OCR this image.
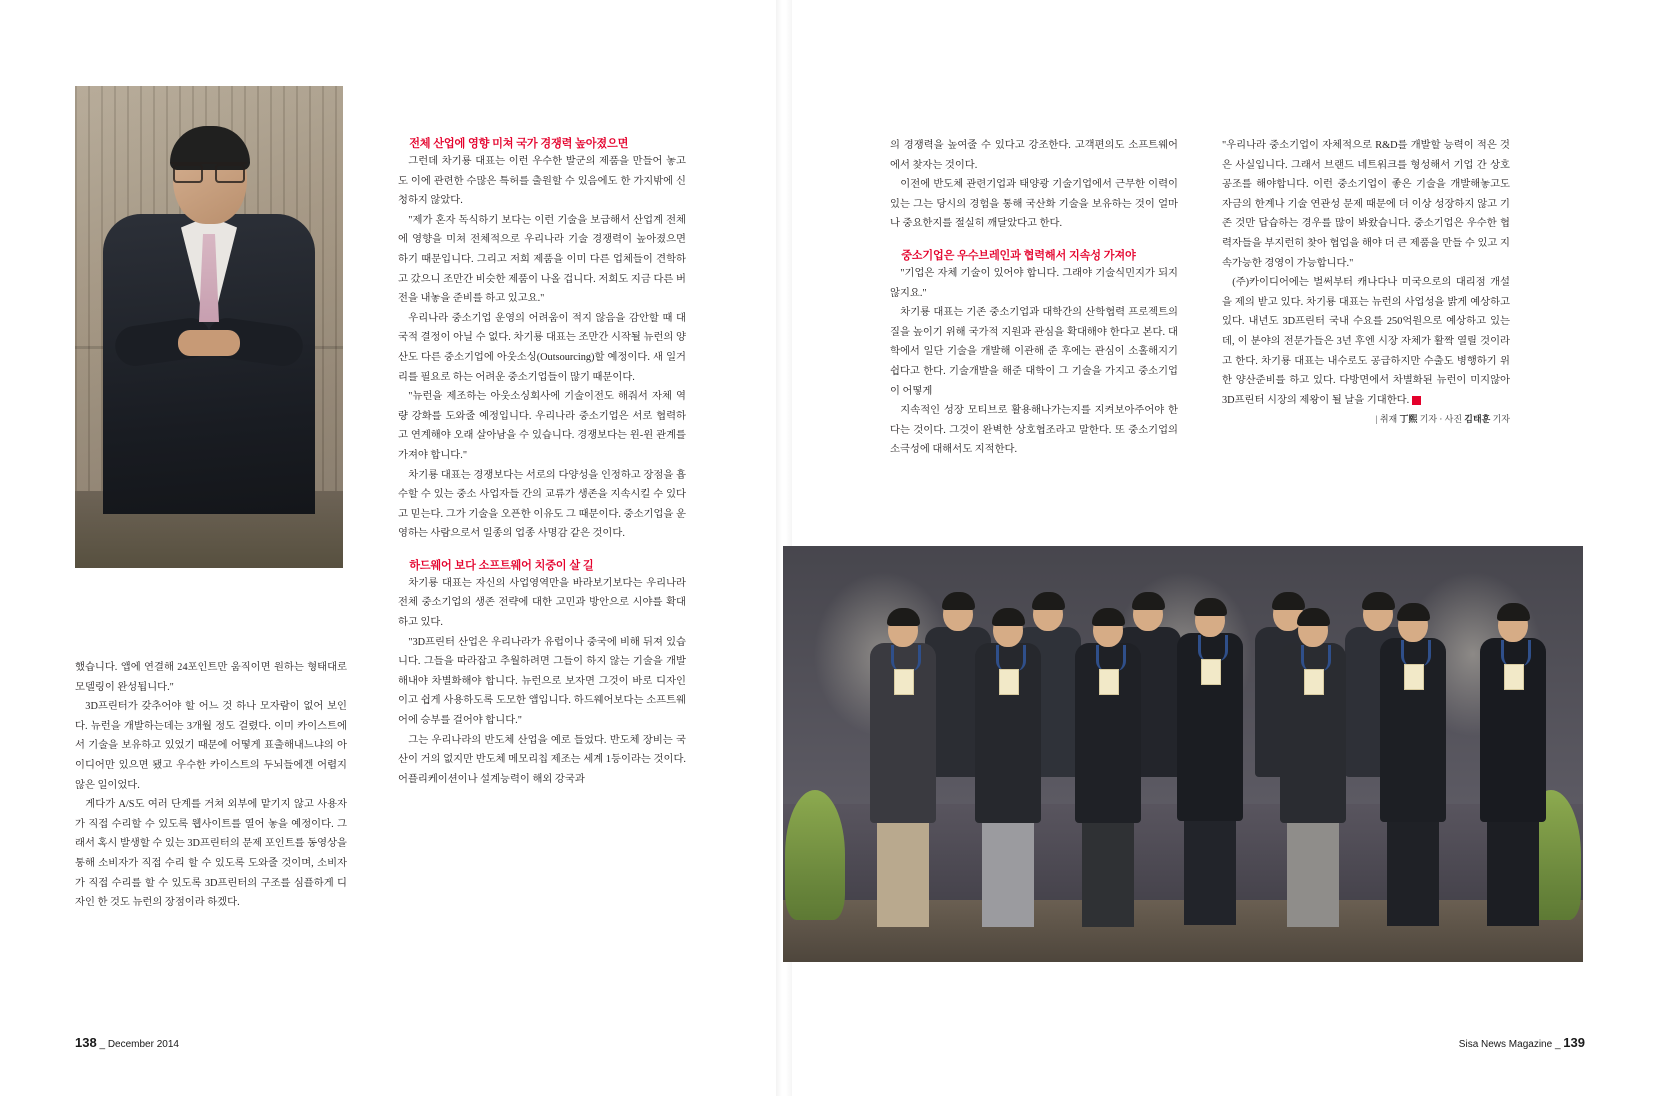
했습니다. 앱에 연결해 24포인트만 움직이면 원하는 형태대로 모델링이 완성됩니다."

3D프린터가 갖추어야 할 어느 것 하나 모자람이 없어 보인다. 뉴런을 개발하는데는 3개월 정도 걸렸다. 이미 카이스트에서 기술을 보유하고 있었기 때문에 어떻게 표출해내느냐의 아이디어만 있으면 됐고 우수한 카이스트의 두뇌들에겐 어렵지 않은 일이었다.

게다가 A/S도 여러 단계를 거쳐 외부에 맡기지 않고 사용자가 직접 수리할 수 있도록 웹사이트를 열어 놓을 예정이다. 그래서 혹시 발생할 수 있는 3D프린터의 문제 포인트를 동영상을 통해 소비자가 직접 수리 할 수 있도록 도와줄 것이며, 소비자가 직접 수리를 할 수 있도록 3D프린터의 구조를 심플하게 디자인 한 것도 뉴런의 장점이라 하겠다.

전체 산업에 영향 미쳐 국가 경쟁력 높아졌으면

그런데 차기룡 대표는 이런 우수한 발군의 제품을 만들어 놓고도 이에 관련한 수많은 특허를 출원할 수 있음에도 한 가지밖에 신청하지 않았다.

"제가 혼자 독식하기 보다는 이런 기술을 보급해서 산업계 전체에 영향을 미쳐 전체적으로 우리나라 기술 경쟁력이 높아졌으면 하기 때문입니다. 그리고 저희 제품을 이미 다른 업체들이 견학하고 갔으니 조만간 비슷한 제품이 나올 겁니다. 저희도 지금 다른 버전을 내놓을 준비를 하고 있고요."

우리나라 중소기업 운영의 어려움이 적지 않음을 감안할 때 대국적 결정이 아닐 수 없다. 차기룡 대표는 조만간 시작될 뉴런의 양산도 다른 중소기업에 아웃소싱(Outsourcing)할 예정이다. 새 일거리를 필요로 하는 어려운 중소기업들이 많기 때문이다.

"뉴런을 제조하는 아웃소싱회사에 기술이전도 해줘서 자체 역량 강화를 도와줄 예정입니다. 우리나라 중소기업은 서로 협력하고 연계해야 오래 살아남을 수 있습니다. 경쟁보다는 윈-윈 관계를 가져야 합니다."

차기룡 대표는 경쟁보다는 서로의 다양성을 인정하고 장점을 흡수할 수 있는 중소 사업자들 간의 교류가 생존을 지속시킬 수 있다고 믿는다. 그가 기술을 오픈한 이유도 그 때문이다. 중소기업을 운영하는 사람으로서 일종의 업종 사명감 같은 것이다.

하드웨어 보다 소프트웨어 치중이 살 길

차기룡 대표는 자신의 사업영역만을 바라보기보다는 우리나라 전체 중소기업의 생존 전략에 대한 고민과 방안으로 시야를 확대하고 있다.

"3D프린터 산업은 우리나라가 유럽이나 중국에 비해 뒤져 있습니다. 그들을 따라잡고 추월하려면 그들이 하지 않는 기술을 개발해내야 차별화해야 합니다. 뉴런으로 보자면 그것이 바로 디자인이고 쉽게 사용하도록 도모한 앱입니다. 하드웨어보다는 소프트웨어에 승부를 걸어야 합니다."

그는 우리나라의 반도체 산업을 예로 들었다. 반도체 장비는 국산이 거의 없지만 반도체 메모리칩 제조는 세계 1등이라는 것이다. 어플리케이션이나 설계능력이 해외 강국과

의 경쟁력을 높여줄 수 있다고 강조한다. 고객편의도 소프트웨어에서 찾자는 것이다.

이전에 반도체 관련기업과 태양광 기술기업에서 근무한 이력이 있는 그는 당시의 경험을 통해 국산화 기술을 보유하는 것이 얼마나 중요한지를 절실히 깨달았다고 한다.

중소기업은 우수브레인과 협력해서 지속성 가져야

"기업은 자체 기술이 있어야 합니다. 그래야 기술식민지가 되지 않지요."

차기룡 대표는 기존 중소기업과 대학간의 산학협력 프로젝트의 질을 높이기 위해 국가적 지원과 관심을 확대해야 한다고 본다. 대학에서 일단 기술을 개발해 이관해 준 후에는 관심이 소홀해지기 쉽다고 한다. 기술개발을 해준 대학이 그 기술을 가지고 중소기업이 어떻게

지속적인 성장 모티브로 활용해나가는지를 지켜보아주어야 한다는 것이다. 그것이 완벽한 상호협조라고 말한다. 또 중소기업의 소극성에 대해서도 지적한다.

"우리나라 중소기업이 자체적으로 R&D를 개발할 능력이 적은 것은 사실입니다. 그래서 브랜드 네트워크를 형성해서 기업 간 상호 공조를 해야합니다. 이런 중소기업이 좋은 기술을 개발해놓고도 자금의 한계나 기술 연관성 문제 때문에 더 이상 성장하지 않고 기존 것만 답습하는 경우를 많이 봐왔습니다. 중소기업은 우수한 협력자들을 부지런히 찾아 협업을 해야 더 큰 제품을 만들 수 있고 지속가능한 경영이 가능합니다."

(주)카이디어에는 벌써부터 캐나다나 미국으로의 대리점 개설을 제의 받고 있다. 차기룡 대표는 뉴런의 사업성을 밝게 예상하고 있다. 내년도 3D프린터 국내 수요를 250억원으로 예상하고 있는데, 이 분야의 전문가들은 3년 후엔 시장 자체가 활짝 열릴 것이라고 한다. 차기룡 대표는 내수로도 공급하지만 수출도 병행하기 위한 양산준비를 하고 있다. 다방면에서 차별화된 뉴런이 미지않아 3D프린터 시장의 제왕이 될 날을 기대한다. F

| 취재 丁熙 기자 · 사진 김태훈 기자

138 _ December 2014	Sisa News Magazine _ 139
